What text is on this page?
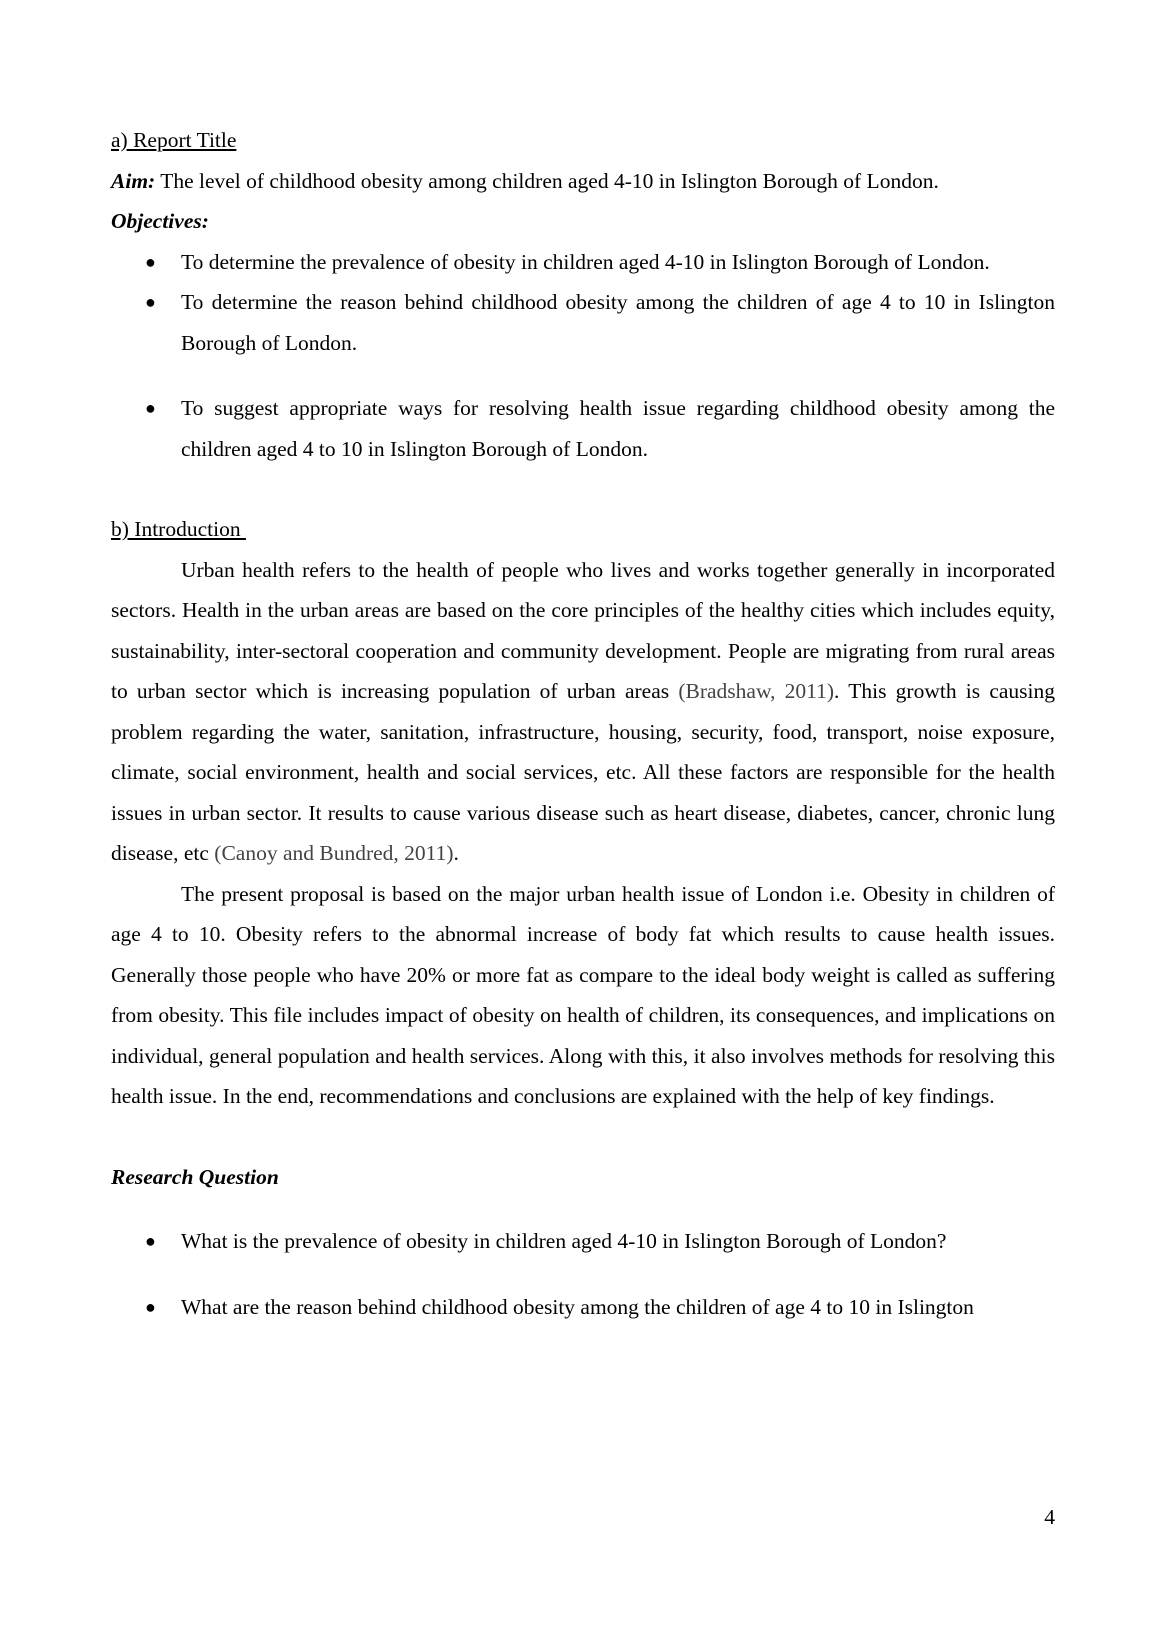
a) Report Title
Aim: The level of childhood obesity among children aged 4-10 in Islington Borough of London.
Objectives:
● To determine the prevalence of obesity in children aged 4-10 in Islington Borough of London.
● To determine the reason behind childhood obesity among the children of age 4 to 10 in Islington Borough of London.
● To suggest appropriate ways for resolving health issue regarding childhood obesity among the children aged 4 to 10 in Islington Borough of London.
b) Introduction

Urban health refers to the health of people who lives and works together generally in incorporated sectors. Health in the urban areas are based on the core principles of the healthy cities which includes equity, sustainability, inter-sectoral cooperation and community development. People are migrating from rural areas to urban sector which is increasing population of urban areas (Bradshaw, 2011). This growth is causing problem regarding the water, sanitation, infrastructure, housing, security, food, transport, noise exposure, climate, social environment, health and social services, etc. All these factors are responsible for the health issues in urban sector. It results to cause various disease such as heart disease, diabetes, cancer, chronic lung disease, etc (Canoy and Bundred, 2011).

The present proposal is based on the major urban health issue of London i.e. Obesity in children of age 4 to 10. Obesity refers to the abnormal increase of body fat which results to cause health issues. Generally those people who have 20% or more fat as compare to the ideal body weight is called as suffering from obesity. This file includes impact of obesity on health of children, its consequences, and implications on individual, general population and health services. Along with this, it also involves methods for resolving this health issue. In the end, recommendations and conclusions are explained with the help of key findings.

Research Question
● What is the prevalence of obesity in children aged 4-10 in Islington Borough of London?
● What are the reason behind childhood obesity among the children of age 4 to 10 in Islington
4
